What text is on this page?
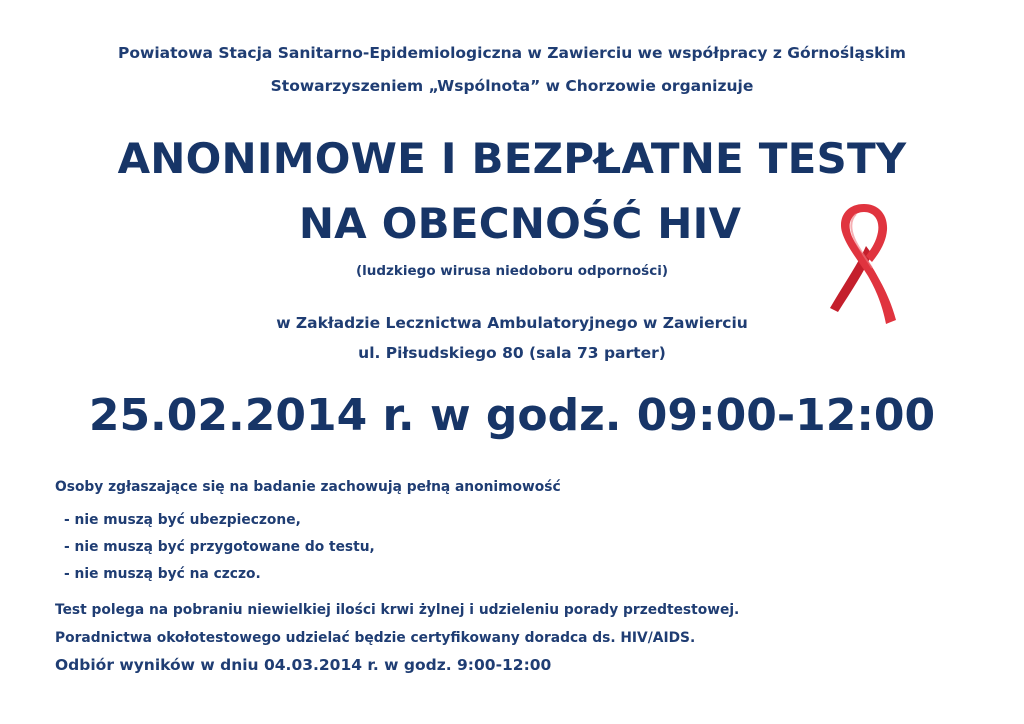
Powiatowa Stacja Sanitarno-Epidemiologiczna w Zawierciu we współpracy z Górnośląskim
Stowarzyszeniem „Wspólnota” w Chorzowie organizuje
ANONIMOWE I BEZPŁATNE TESTY
NA OBECNOŚĆ HIV
(ludzkiego wirusa niedoboru odporności)
w Zakładzie Lecznictwa Ambulatoryjnego w Zawierciu
ul. Piłsudskiego 80 (sala 73 parter)
25.02.2014 r. w godz. 09:00-12:00
Osoby zgłaszające się na badanie zachowują pełną anonimowość
- nie muszą być ubezpieczone,
- nie muszą być przygotowane do testu,
- nie muszą być na czczo.
Test polega na pobraniu niewielkiej ilości krwi żylnej i udzieleniu porady przedtestowej.
Poradnictwa okołotestowego udzielać będzie certyfikowany doradca ds. HIV/AIDS.
Odbiór wyników w dniu 04.03.2014 r. w godz. 9:00-12:00
